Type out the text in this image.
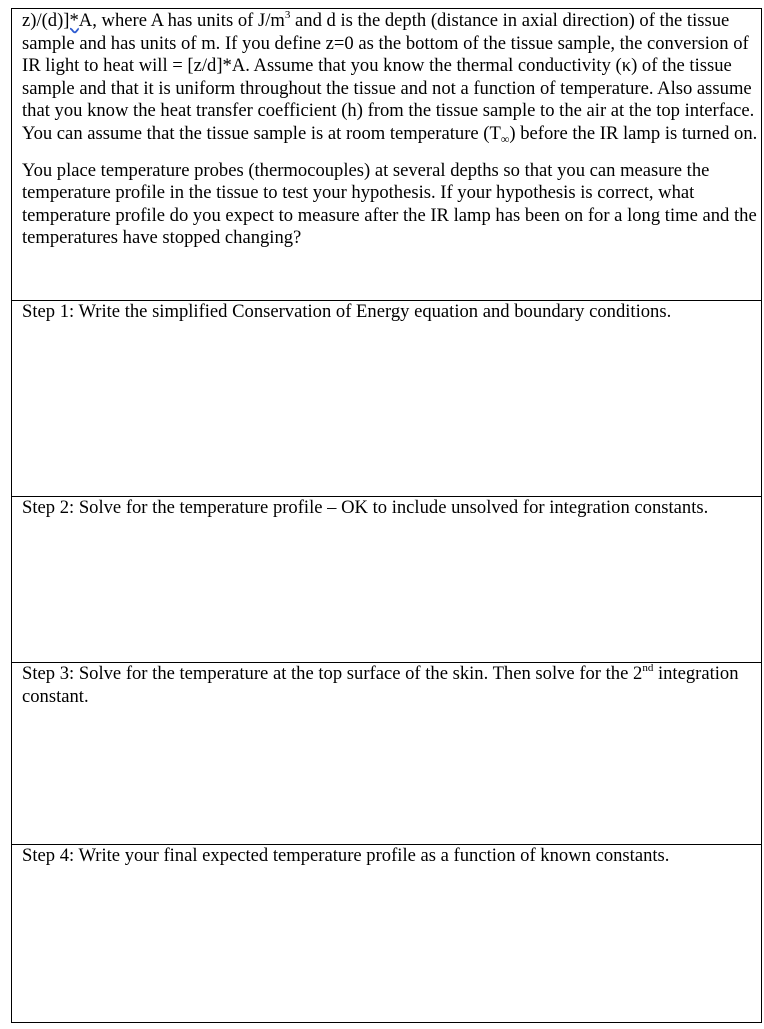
z)/(d)]*A, where A has units of $J/m^3$ and d is the depth (distance in axial direction) of the tissue sample and has units of m. If you define z=0 as the bottom of the tissue sample, the conversion of IR light to heat will = [z/d]*A. Assume that you know the thermal conductivity (κ) of the tissue sample and that it is uniform throughout the tissue and not a function of temperature. Also assume that you know the heat transfer coefficient (h) from the tissue sample to the air at the top interface. You can assume that the tissue sample is at room temperature $(T_\infty)$ before the IR lamp is turned on.

You place temperature probes (thermocouples) at several depths so that you can measure the temperature profile in the tissue to test your hypothesis. If your hypothesis is correct, what temperature profile do you expect to measure after the IR lamp has been on for a long time and the temperatures have stopped changing?

Step 1: Write the simplified Conservation of Energy equation and boundary conditions.
Step 2: Solve for the temperature profile – OK to include unsolved for integration constants.
Step 3: Solve for the temperature at the top surface of the skin. Then solve for the 2nd integration constant.
Step 4: Write your final expected temperature profile as a function of known constants.
